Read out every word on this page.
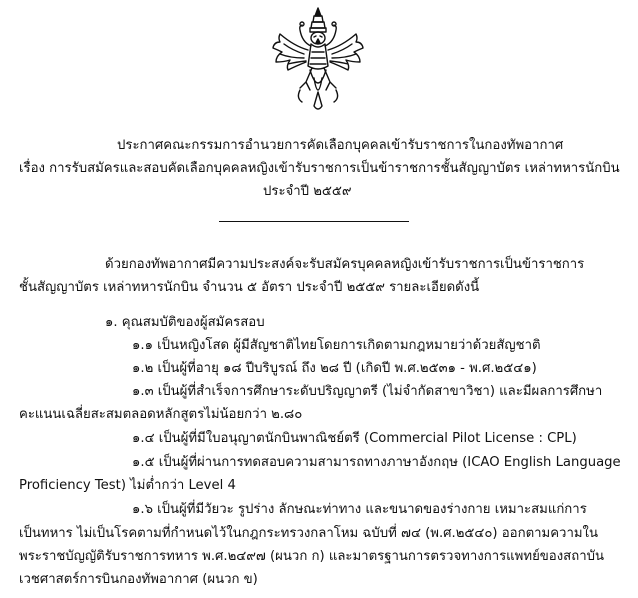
ประกาศคณะกรรมการอำนวยการคัดเลือกบุคคลเข้ารับราชการในกองทัพอากาศ
เรื่อง การรับสมัครและสอบคัดเลือกบุคคลหญิงเข้ารับราชการเป็นข้าราชการชั้นสัญญาบัตร เหล่าทหารนักบิน
ประจำปี ๒๕๕๙
ด้วยกองทัพอากาศมีความประสงค์จะรับสมัครบุคคลหญิงเข้ารับราชการเป็นข้าราชการ
ชั้นสัญญาบัตร เหล่าทหารนักบิน จำนวน ๕ อัตรา ประจำปี ๒๕๕๙ รายละเอียดดังนี้
๑. คุณสมบัติของผู้สมัครสอบ
๑.๑ เป็นหญิงโสด ผู้มีสัญชาติไทยโดยการเกิดตามกฎหมายว่าด้วยสัญชาติ
๑.๒ เป็นผู้ที่อายุ ๑๘ ปีบริบูรณ์ ถึง ๒๘ ปี (เกิดปี พ.ศ.๒๕๓๑ - พ.ศ.๒๕๔๑)
๑.๓ เป็นผู้ที่สำเร็จการศึกษาระดับปริญญาตรี (ไม่จำกัดสาขาวิชา) และมีผลการศึกษา
คะแนนเฉลี่ยสะสมตลอดหลักสูตรไม่น้อยกว่า ๒.๘๐
๑.๔ เป็นผู้ที่มีใบอนุญาตนักบินพาณิชย์ตรี (Commercial Pilot License : CPL)
๑.๕ เป็นผู้ที่ผ่านการทดสอบความสามารถทางภาษาอังกฤษ (ICAO English Language
Proficiency Test) ไม่ต่ำกว่า Level 4
๑.๖ เป็นผู้ที่มีวัยวะ รูปร่าง ลักษณะท่าทาง และขนาดของร่างกาย เหมาะสมแก่การ
เป็นทหาร ไม่เป็นโรคตามที่กำหนดไว้ในกฎกระทรวงกลาโหม ฉบับที่ ๗๔ (พ.ศ.๒๕๔๐) ออกตามความใน
พระราชบัญญัติรับราชการทหาร พ.ศ.๒๔๙๗ (ผนวก ก) และมาตรฐานการตรวจทางการแพทย์ของสถาบัน
เวชศาสตร์การบินกองทัพอากาศ (ผนวก ข)
